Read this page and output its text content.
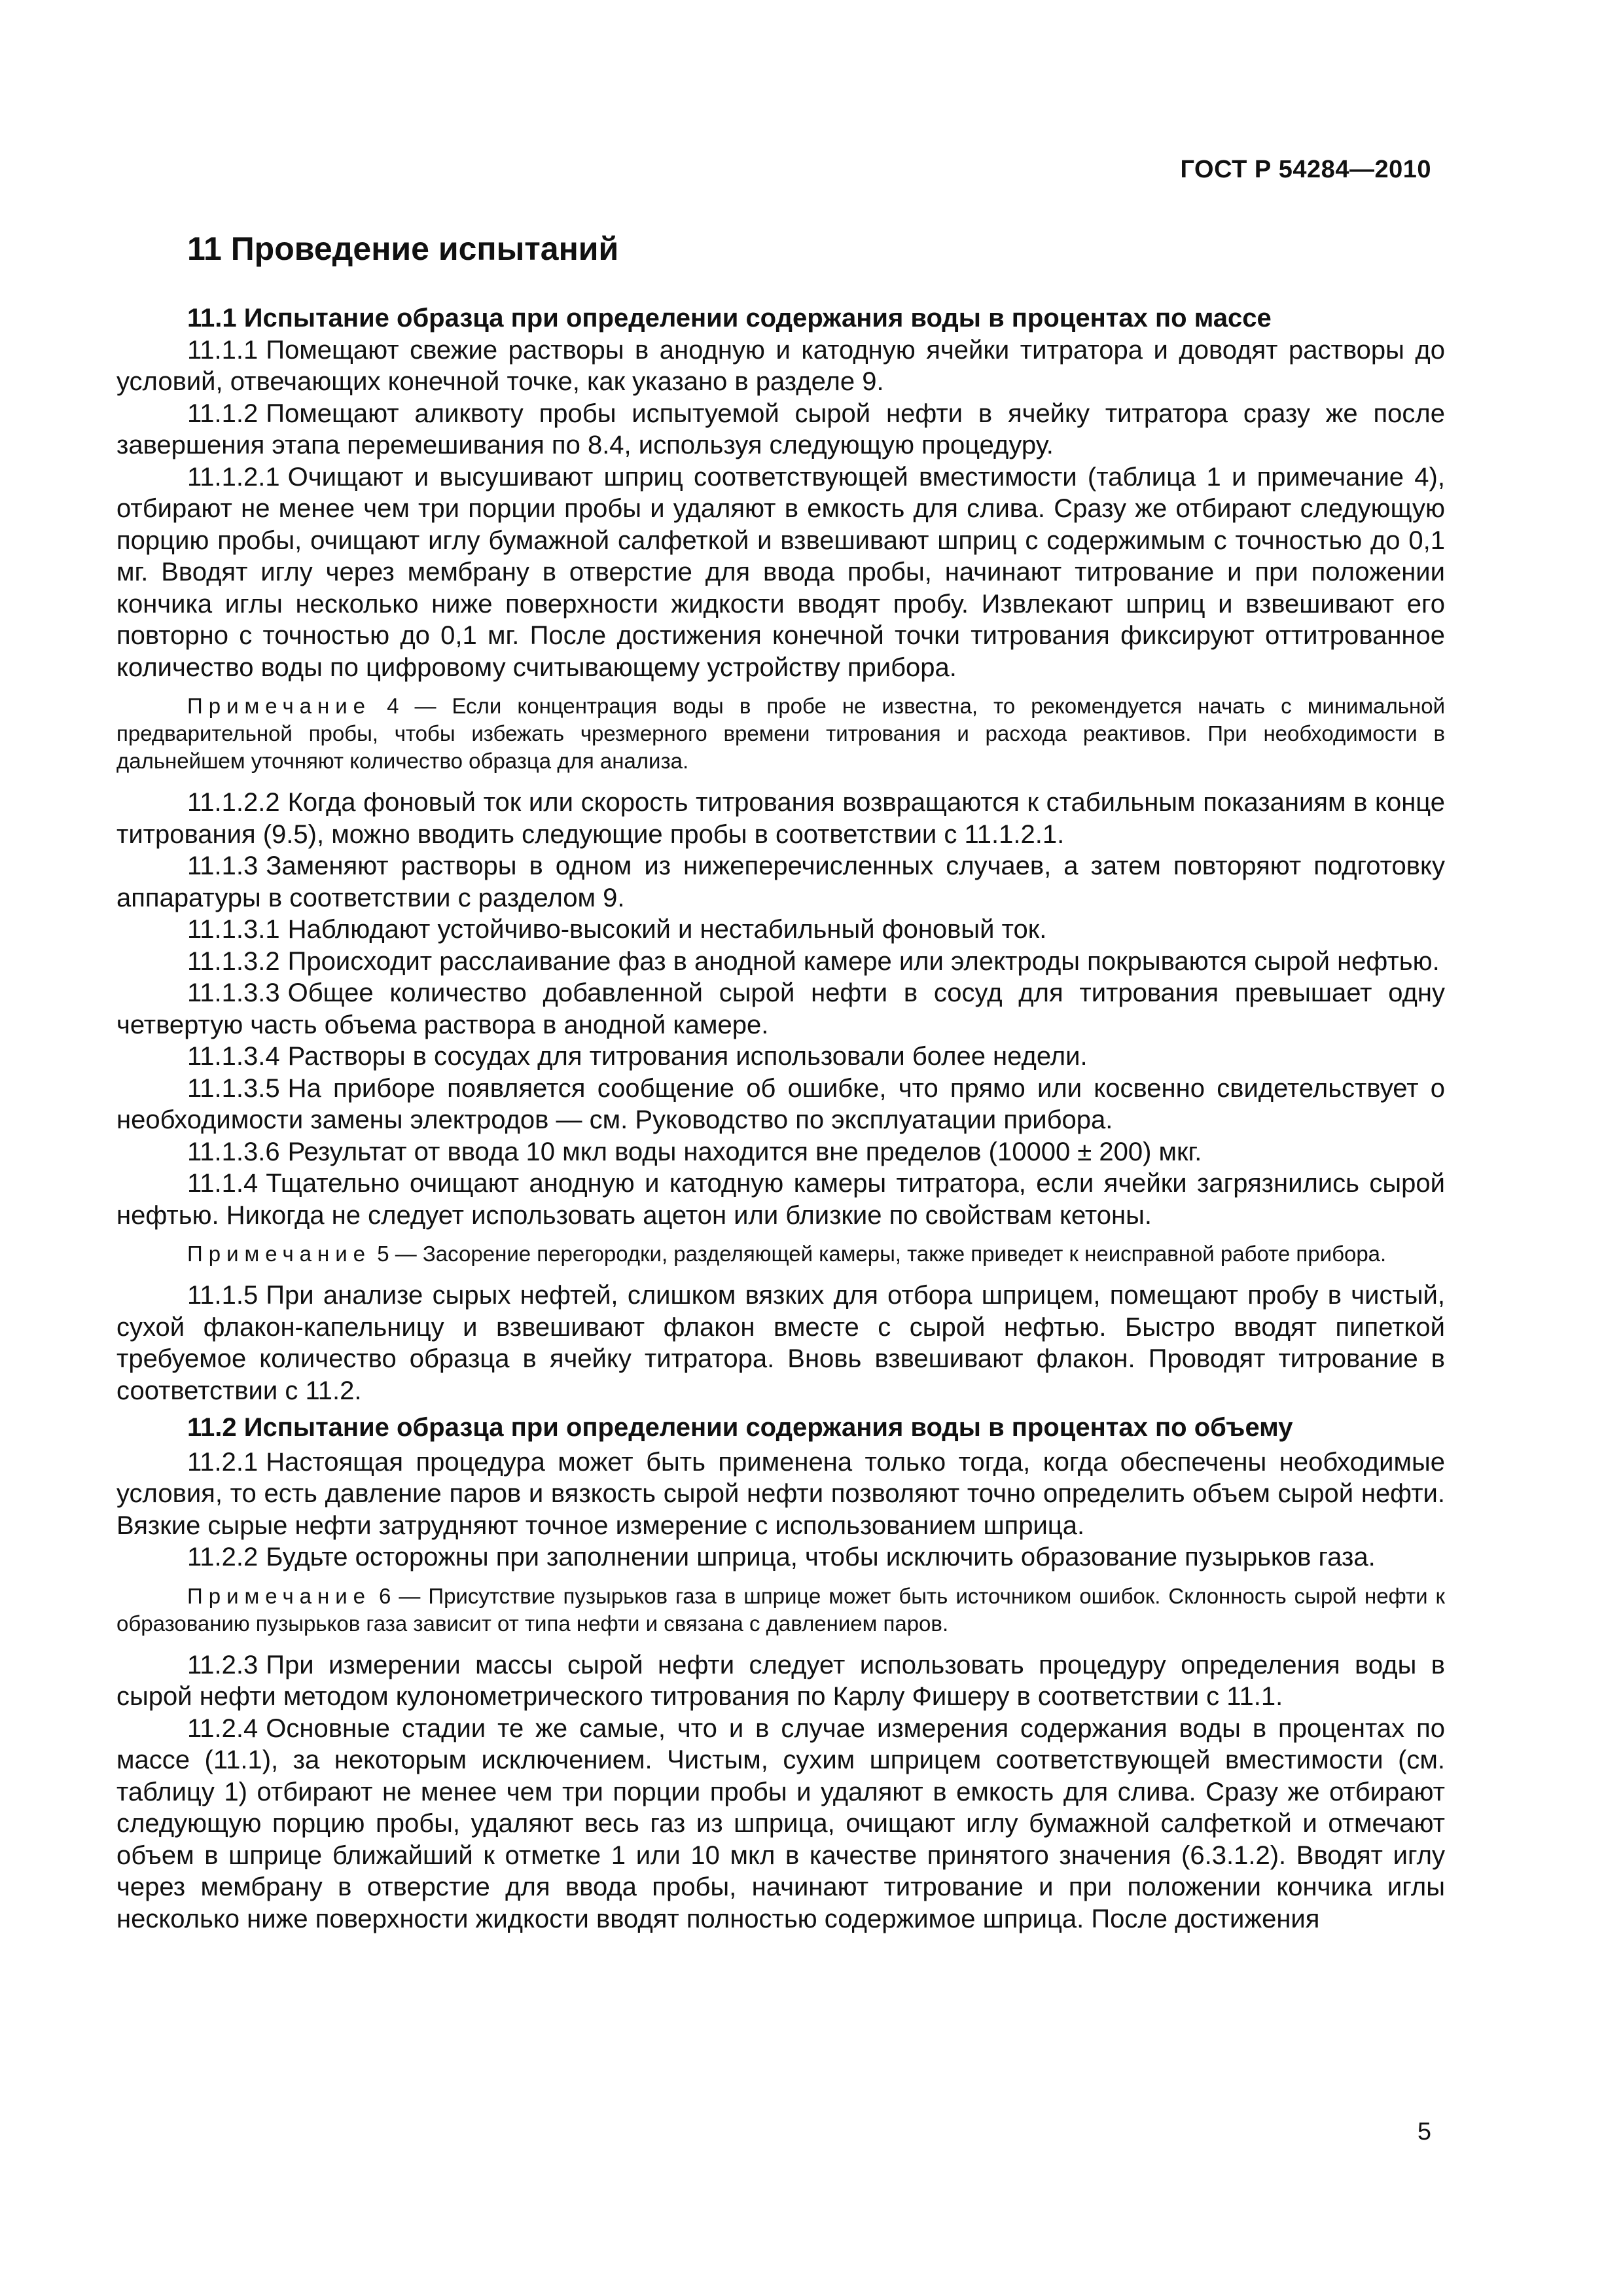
ГОСТ Р 54284—2010
11 Проведение испытаний
11.1 Испытание образца при определении содержания воды в процентах по массе

11.1.1 Помещают свежие растворы в анодную и катодную ячейки титратора и доводят растворы до условий, отвечающих конечной точке, как указано в разделе 9.

11.1.2 Помещают аликвоту пробы испытуемой сырой нефти в ячейку титратора сразу же после завершения этапа перемешивания по 8.4, используя следующую процедуру.

11.1.2.1 Очищают и высушивают шприц соответствующей вместимости (таблица 1 и примечание 4), отбирают не менее чем три порции пробы и удаляют в емкость для слива. Сразу же отбирают следующую порцию пробы, очищают иглу бумажной салфеткой и взвешивают шприц с содержимым с точностью до 0,1 мг. Вводят иглу через мембрану в отверстие для ввода пробы, начинают титрование и при положении кончика иглы несколько ниже поверхности жидкости вводят пробу. Извлекают шприц и взвешивают его повторно с точностью до 0,1 мг. После достижения конечной точки титрования фиксируют оттитрованное количество воды по цифровому считывающему устройству прибора.

Примечание 4 — Если концентрация воды в пробе не известна, то рекомендуется начать с минимальной предварительной пробы, чтобы избежать чрезмерного времени титрования и расхода реактивов. При необходимости в дальнейшем уточняют количество образца для анализа.

11.1.2.2 Когда фоновый ток или скорость титрования возвращаются к стабильным показаниям в конце титрования (9.5), можно вводить следующие пробы в соответствии с 11.1.2.1.

11.1.3 Заменяют растворы в одном из нижеперечисленных случаев, а затем повторяют подготовку аппаратуры в соответствии с разделом 9.

11.1.3.1 Наблюдают устойчиво-высокий и нестабильный фоновый ток.

11.1.3.2 Происходит расслаивание фаз в анодной камере или электроды покрываются сырой нефтью.

11.1.3.3 Общее количество добавленной сырой нефти в сосуд для титрования превышает одну четвертую часть объема раствора в анодной камере.

11.1.3.4 Растворы в сосудах для титрования использовали более недели.

11.1.3.5 На приборе появляется сообщение об ошибке, что прямо или косвенно свидетельствует о необходимости замены электродов — см. Руководство по эксплуатации прибора.

11.1.3.6 Результат от ввода 10 мкл воды находится вне пределов (10000 ± 200) мкг.

11.1.4 Тщательно очищают анодную и катодную камеры титратора, если ячейки загрязнились сырой нефтью. Никогда не следует использовать ацетон или близкие по свойствам кетоны.

Примечание 5 — Засорение перегородки, разделяющей камеры, также приведет к неисправной работе прибора.

11.1.5 При анализе сырых нефтей, слишком вязких для отбора шприцем, помещают пробу в чистый, сухой флакон-капельницу и взвешивают флакон вместе с сырой нефтью. Быстро вводят пипеткой требуемое количество образца в ячейку титратора. Вновь взвешивают флакон. Проводят титрование в соответствии с 11.2.

11.2 Испытание образца при определении содержания воды в процентах по объему

11.2.1 Настоящая процедура может быть применена только тогда, когда обеспечены необходимые условия, то есть давление паров и вязкость сырой нефти позволяют точно определить объем сырой нефти. Вязкие сырые нефти затрудняют точное измерение с использованием шприца.

11.2.2 Будьте осторожны при заполнении шприца, чтобы исключить образование пузырьков газа.

Примечание 6 — Присутствие пузырьков газа в шприце может быть источником ошибок. Склонность сырой нефти к образованию пузырьков газа зависит от типа нефти и связана с давлением паров.

11.2.3 При измерении массы сырой нефти следует использовать процедуру определения воды в сырой нефти методом кулонометрического титрования по Карлу Фишеру в соответствии с 11.1.

11.2.4 Основные стадии те же самые, что и в случае измерения содержания воды в процентах по массе (11.1), за некоторым исключением. Чистым, сухим шприцем соответствующей вместимости (см. таблицу 1) отбирают не менее чем три порции пробы и удаляют в емкость для слива. Сразу же отбирают следующую порцию пробы, удаляют весь газ из шприца, очищают иглу бумажной салфеткой и отмечают объем в шприце ближайший к отметке 1 или 10 мкл в качестве принятого значения (6.3.1.2). Вводят иглу через мембрану в отверстие для ввода пробы, начинают титрование и при положении кончика иглы несколько ниже поверхности жидкости вводят полностью содержимое шприца. После достижения

5
